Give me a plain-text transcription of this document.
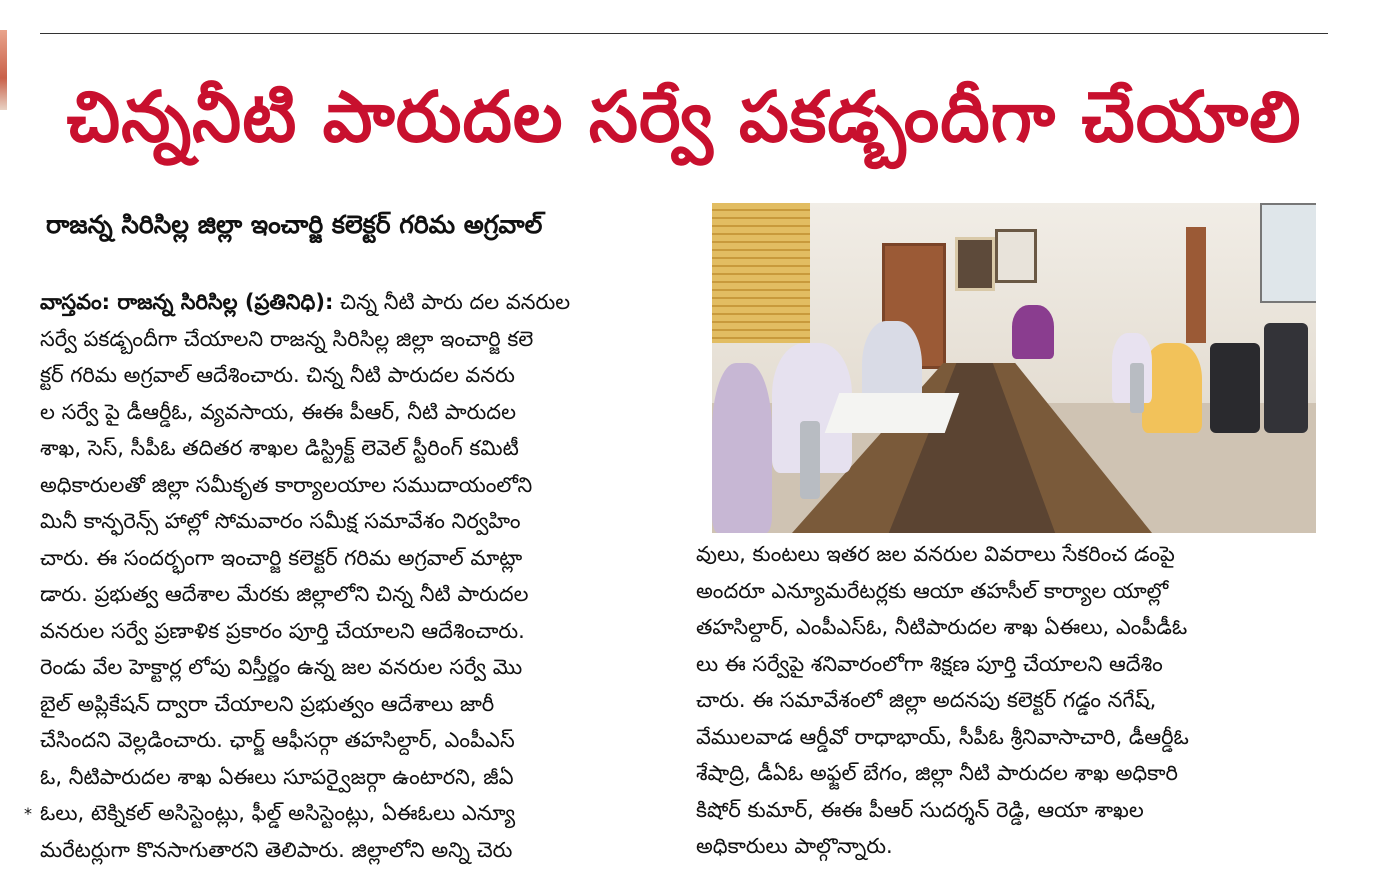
చిన్ననీటి పారుదల సర్వే పకడ్బందీగా చేయాలి
రాజన్న సిరిసిల్ల జిల్లా ఇంచార్జి కలెక్టర్ గరిమ అగ్రవాల్
వాస్తవం: రాజన్న సిరిసిల్ల (ప్రతినిధి): చిన్న నీటి పారు దల వనరుల
సర్వే పకడ్బందీగా చేయాలని రాజన్న సిరిసిల్ల జిల్లా ఇంచార్జి కలె
క్టర్ గరిమ అగ్రవాల్ ఆదేశించారు. చిన్న నీటి పారుదల వనరు
ల సర్వే పై డీఆర్డీఓ, వ్యవసాయ, ఈఈ పీఆర్, నీటి పారుదల
శాఖ, సెస్, సీపీఓ తదితర శాఖల డిస్ట్రిక్ట్ లెవెల్ స్టీరింగ్ కమిటీ
అధికారులతో జిల్లా సమీకృత కార్యాలయాల సముదాయంలోని
మినీ కాన్ఫరెన్స్ హాల్లో సోమవారం సమీక్ష సమావేశం నిర్వహిం
చారు. ఈ సందర్భంగా ఇంచార్జి కలెక్టర్ గరిమ అగ్రవాల్ మాట్లా
డారు. ప్రభుత్వ ఆదేశాల మేరకు జిల్లాలోని చిన్న నీటి పారుదల
వనరుల సర్వే ప్రణాళిక ప్రకారం పూర్తి చేయాలని ఆదేశించారు.
రెండు వేల హెక్టార్ల లోపు విస్తీర్ణం ఉన్న జల వనరుల సర్వే మొ
బైల్ అప్లికేషన్ ద్వారా చేయాలని ప్రభుత్వం ఆదేశాలు జారీ
చేసిందని వెల్లడించారు. ఛార్జ్ ఆఫీసర్గా తహసిల్దార్, ఎంపీఎస్
ఓ, నీటిపారుదల శాఖ ఏఈలు సూపర్వైజర్గా ఉంటారని, జీఏ
ఓలు, టెక్నికల్ అసిస్టెంట్లు, ఫీల్డ్ అసిస్టెంట్లు, ఏఈఓలు ఎన్యూ
మరేటర్లుగా కొనసాగుతారని తెలిపారు. జిల్లాలోని అన్ని చెరు
*
వులు, కుంటలు ఇతర జల వనరుల వివరాలు సేకరించ డంపై
అందరూ ఎన్యూమరేటర్లకు ఆయా తహసీల్ కార్యాల యాల్లో
తహసిల్దార్, ఎంపీఎస్ఓ, నీటిపారుదల శాఖ ఏఈలు, ఎంపీడీఓ
లు ఈ సర్వేపై శనివారంలోగా శిక్షణ పూర్తి చేయాలని ఆదేశిం
చారు. ఈ సమావేశంలో జిల్లా అదనపు కలెక్టర్ గడ్డం నగేష్,
వేములవాడ ఆర్డీవో రాధాభాయ్, సీపీఓ శ్రీనివాసాచారి, డీఆర్డీఓ
శేషాద్రి, డీఏఓ అఫ్జల్ బేగం, జిల్లా నీటి పారుదల శాఖ అధికారి
కిషోర్ కుమార్, ఈఈ పీఆర్ సుదర్శన్ రెడ్డి, ఆయా శాఖల
అధికారులు పాల్గొన్నారు.
